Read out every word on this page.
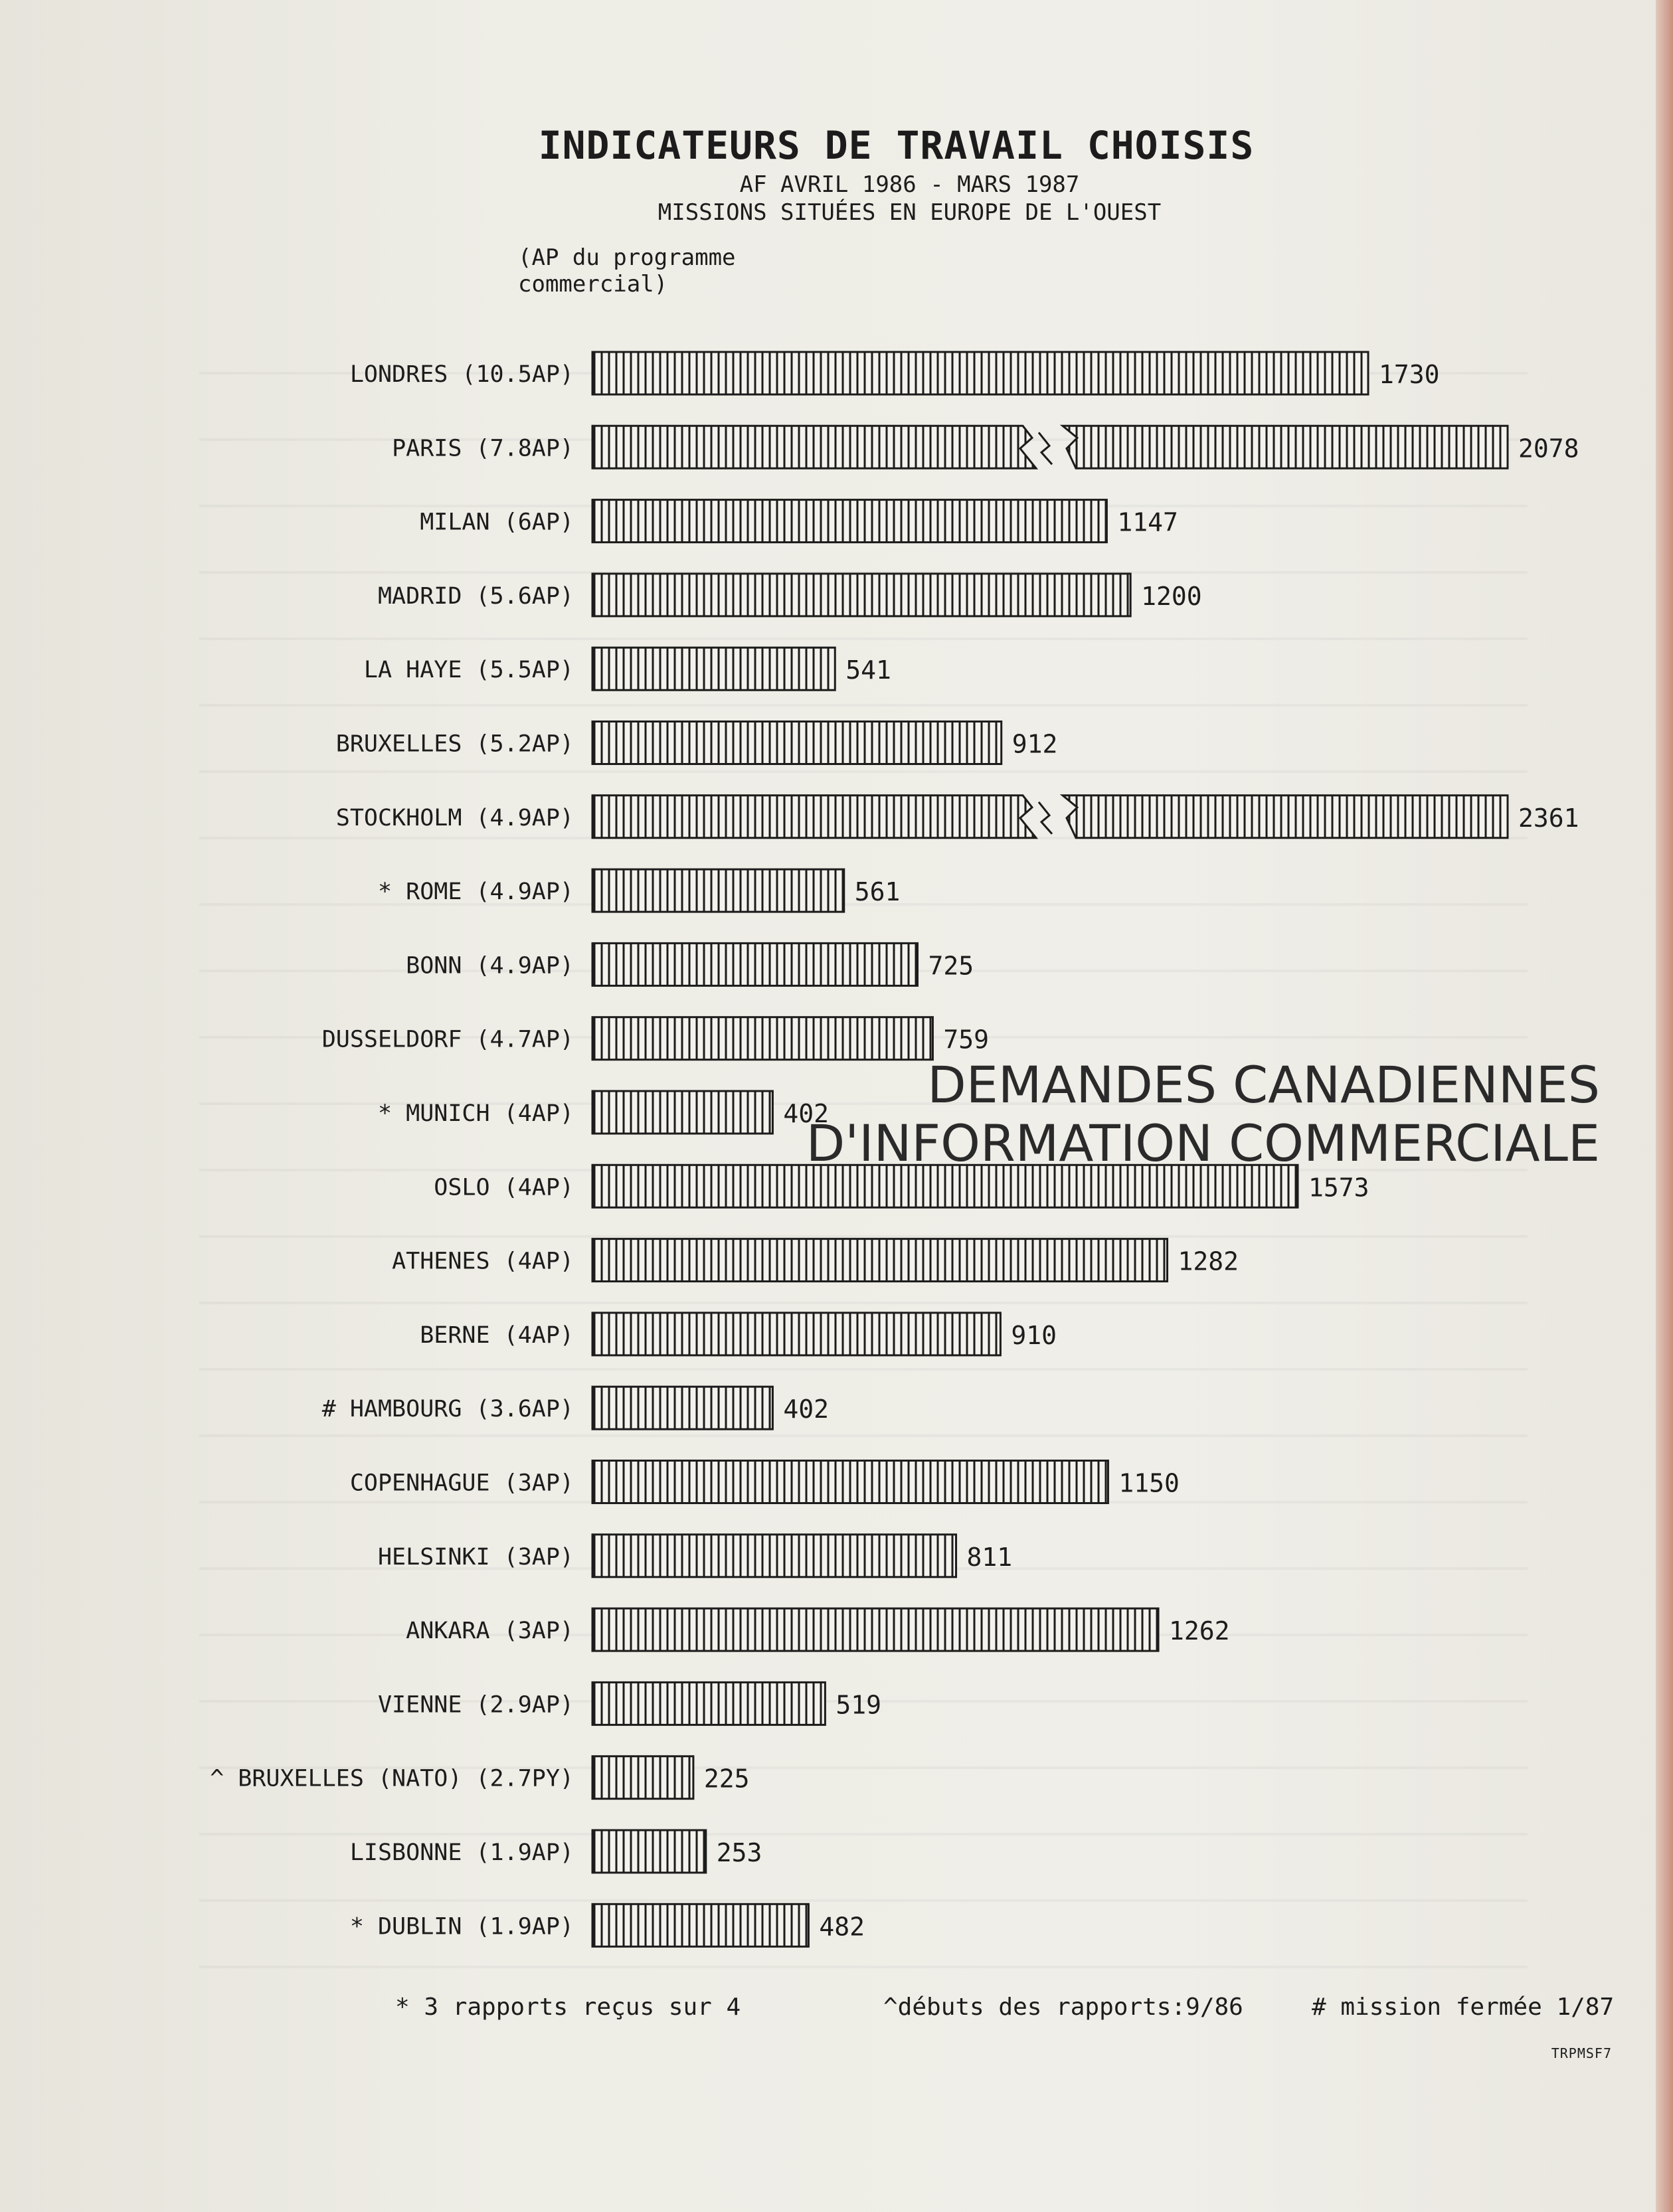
INDICATEURS DE TRAVAIL CHOISIS
AF AVRIL 1986 - MARS 1987
MISSIONS SITUÉES EN EUROPE DE L'OUEST
(AP du programme
commercial)
LONDRES (10.5AP)	1730
PARIS (7.8AP)	2078
MILAN (6AP)	1147
MADRID (5.6AP)	1200
LA HAYE (5.5AP)	541
BRUXELLES (5.2AP)	912
STOCKHOLM (4.9AP)	2361
* ROME (4.9AP)	561
BONN (4.9AP)	725
DUSSELDORF (4.7AP)	759
* MUNICH (4AP)	402
OSLO (4AP)	1573
ATHENES (4AP)	1282
BERNE (4AP)	910
# HAMBOURG (3.6AP)	402
COPENHAGUE (3AP)	1150
HELSINKI (3AP)	811
ANKARA (3AP)	1262
VIENNE (2.9AP)	519
^ BRUXELLES (NATO) (2.7PY)	225
LISBONNE (1.9AP)	253
* DUBLIN (1.9AP)	482
DEMANDES CANADIENNES
D'INFORMATION COMMERCIALE
* 3 rapports reçus sur 4	^débuts des rapports:9/86	# mission fermée 1/87
TRPMSF7
